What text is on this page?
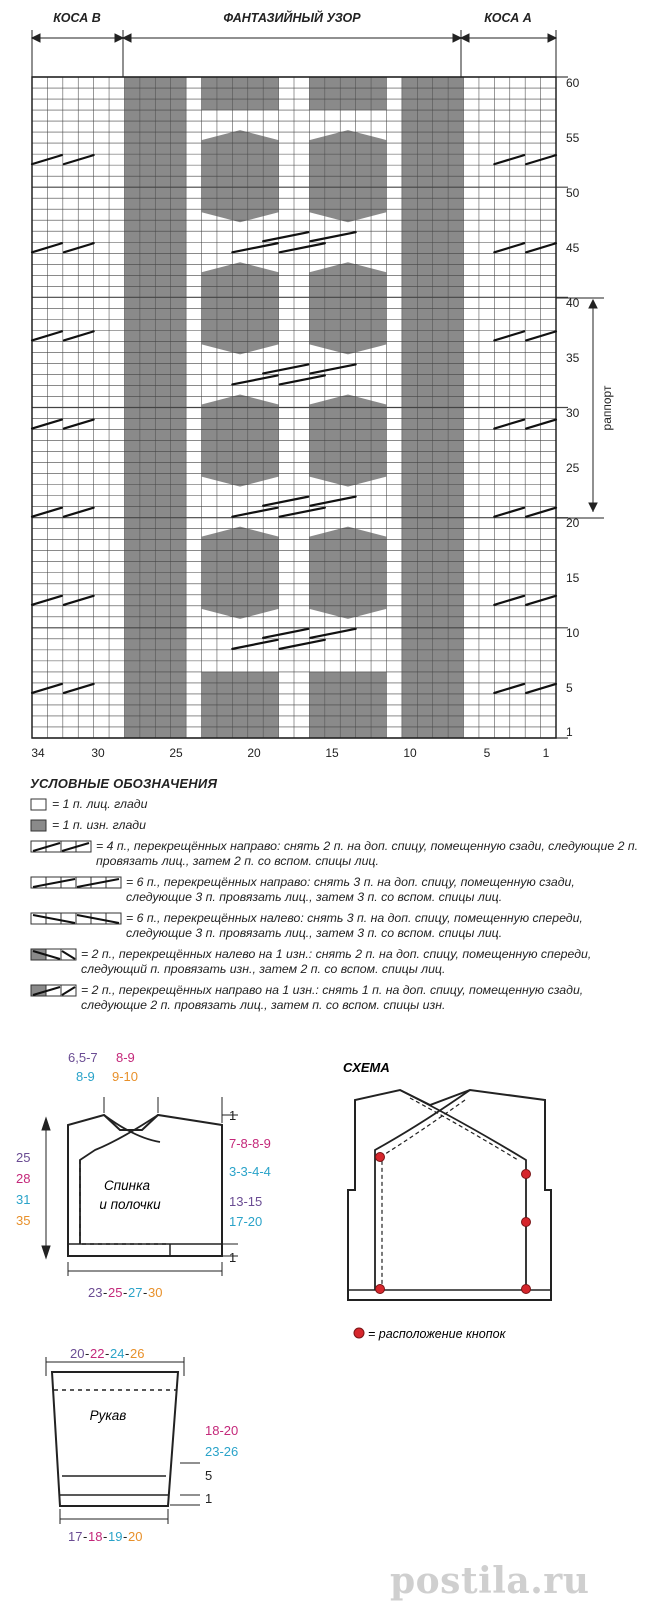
КОСА В	ФАНТАЗИЙНЫЙ УЗОР	КОСА А
1
5
10
15
20
25
30
35
40
45
50
55
60
34	30	25	20	15	10	5	1
раппорт
УСЛОВНЫЕ ОБОЗНАЧЕНИЯ
= 1 п. лиц. глади
= 1 п. изн. глади
= 4 п., перекрещённых направо: снять 2 п. на доп. спицу, помещенную сзади, следующие 2 п. провязать лиц., затем 2 п. со вспом. спицы лиц.
= 6 п., перекрещённых направо: снять 3 п. на доп. спицу, помещенную сзади, следующие 3 п. провязать лиц., затем 3 п. со вспом. спицы лиц.
= 6 п., перекрещённых налево: снять 3 п. на доп. спицу, помещенную спереди, следующие 3 п. провязать лиц., затем 3 п. со вспом. спицы лиц.
= 2 п., перекрещённых налево на 1 изн.: снять 2 п. на доп. спицу, помещенную спереди, следующий п. провязать изн., затем 2 п. со вспом. спицы лиц.
= 2 п., перекрещённых направо на 1 изн.: снять 1 п. на доп. спицу, помещенную сзади, следующие 2 п. провязать лиц., затем п. со вспом. спицы изн.
Спинка
и полочки
6,5-7 8-9
8-9 9-10
25
28
31
35
1
7-8-8-9
3-3-4-4
13-15
17-20
1
23 - 25 - 27 - 30
СХЕМА
= расположение кнопок
20 - 22 - 24 - 26
Рукав
18-20
23-26
5
1
17 - 18 - 19 - 20
postila.ru
